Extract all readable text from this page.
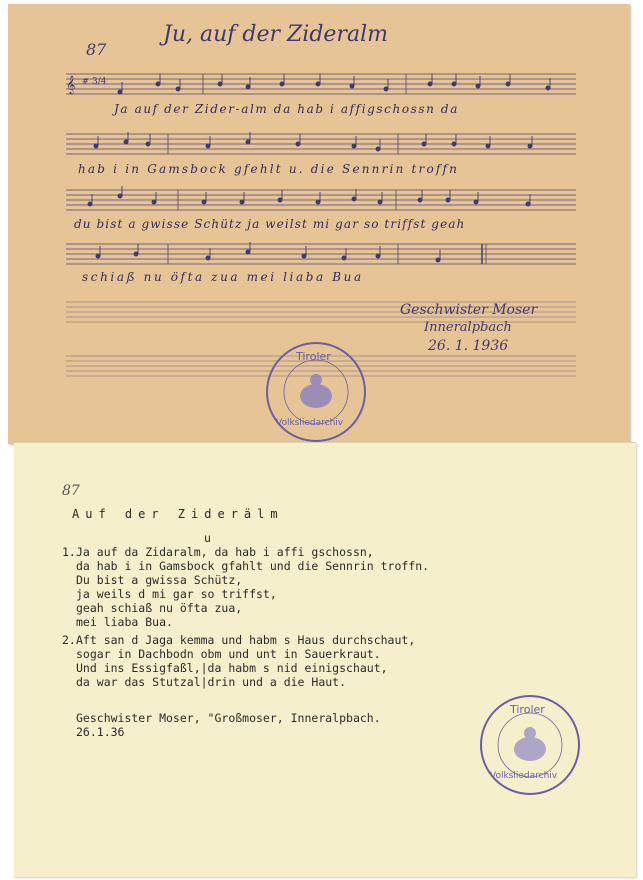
87
Ju, auf der Zideralm
𝄞 # 3/4
Ja auf der Zider-alm da hab i affigschossn da
hab i in Gamsbock gfehlt u. die Sennrin troffn
du bist a gwisse Schütz ja weilst mi gar so triffst geah
schiaß nu öfta zua mei liaba Bua
Geschwister Moser
Inneralpbach
26. 1. 1936
Tiroler
Volksliedarchiv
87
Auf der Ziderälm
1.
u
Ja auf da Zidaralm, da hab i affi gschossn,
da hab i in Gamsbock gfahlt und die Sennrin troffn.
Du bist a gwissa Schütz,
ja weils d mi gar so triffst,
geah schiaß nu öfta zua,
mei liaba Bua.
2. Aft san d Jaga kemma und habm s Haus durchschaut,
sogar in Dachbodn obm und unt in Sauerkraut.
Und ins Essigfaßl,|da habm s nid einigschaut,
da war das Stutzal|drin und a die Haut.
Geschwister Moser, "Großmoser, Inneralpbach.
26.1.36
Tiroler
Volksliedarchiv
